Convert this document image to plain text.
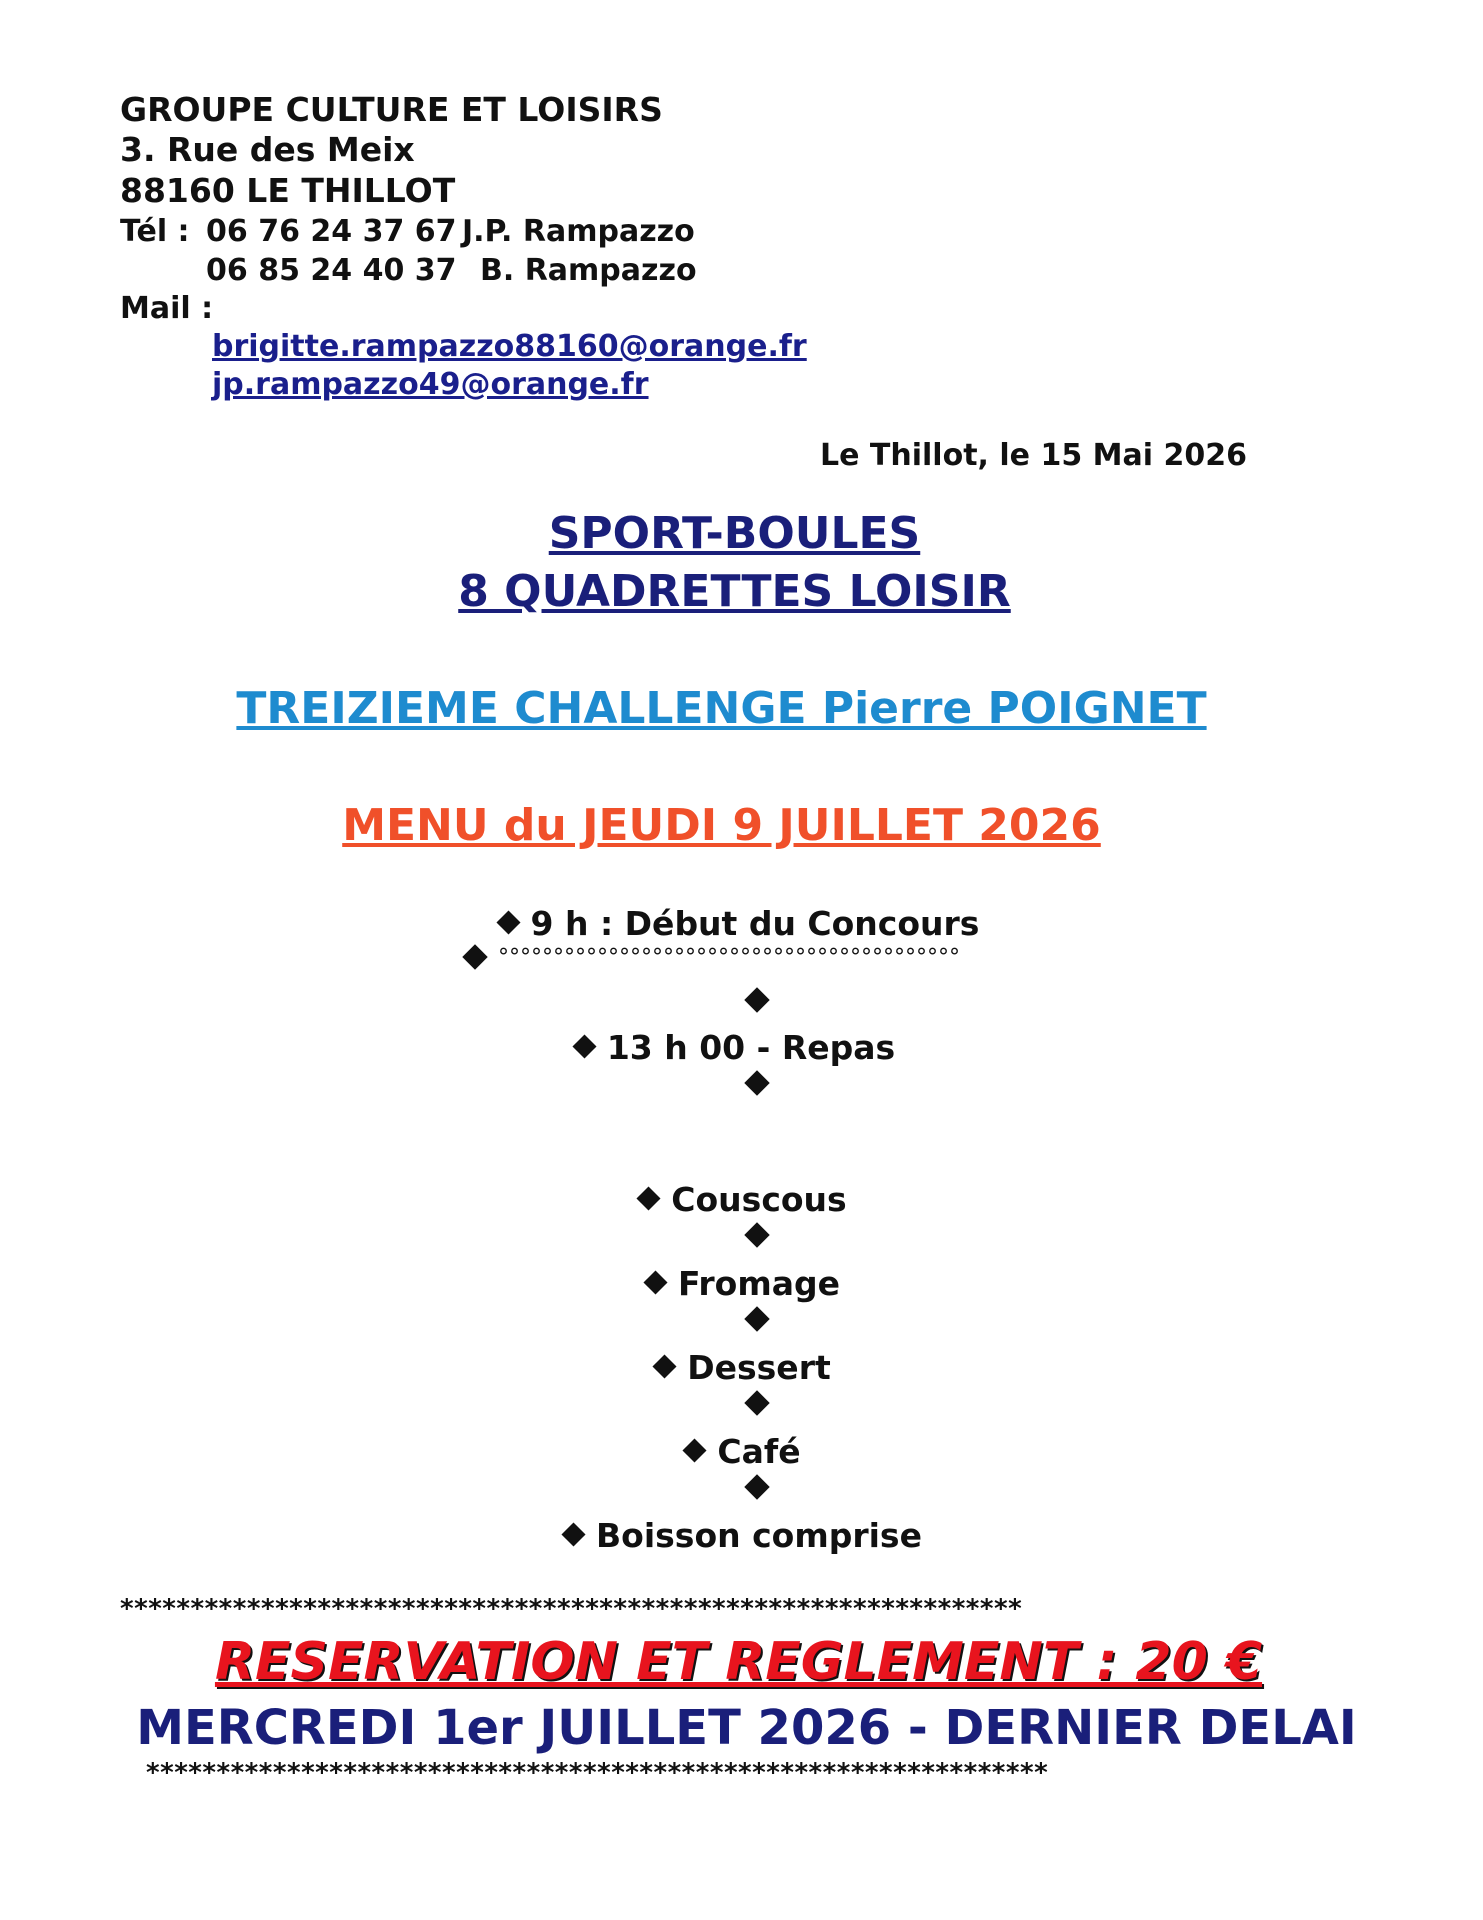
GROUPE CULTURE ET LOISIRS
3. Rue des Meix
88160 LE THILLOT
Tél : 06 76 24 37 67 J.P. Rampazzo
06 85 24 40 37 B. Rampazzo
Mail :
brigitte.rampazzo88160@orange.fr
jp.rampazzo49@orange.fr
Le Thillot, le 15 Mai 2026
SPORT-BOULES
8 QUADRETTES LOISIR
TREIZIEME CHALLENGE Pierre POIGNET
MENU du JEUDI 9 JUILLET 2026
9 h : Début du Concours
°°°°°°°°°°°°°°°°°°°°°°°°°°°°°°°°°°°°°°°°°°
13 h 00 - Repas
Couscous
Fromage
Dessert
Café
Boisson comprise
****************************************************************
RESERVATION ET REGLEMENT : 20 €
MERCREDI 1er JUILLET 2026 - DERNIER DELAI
****************************************************************
